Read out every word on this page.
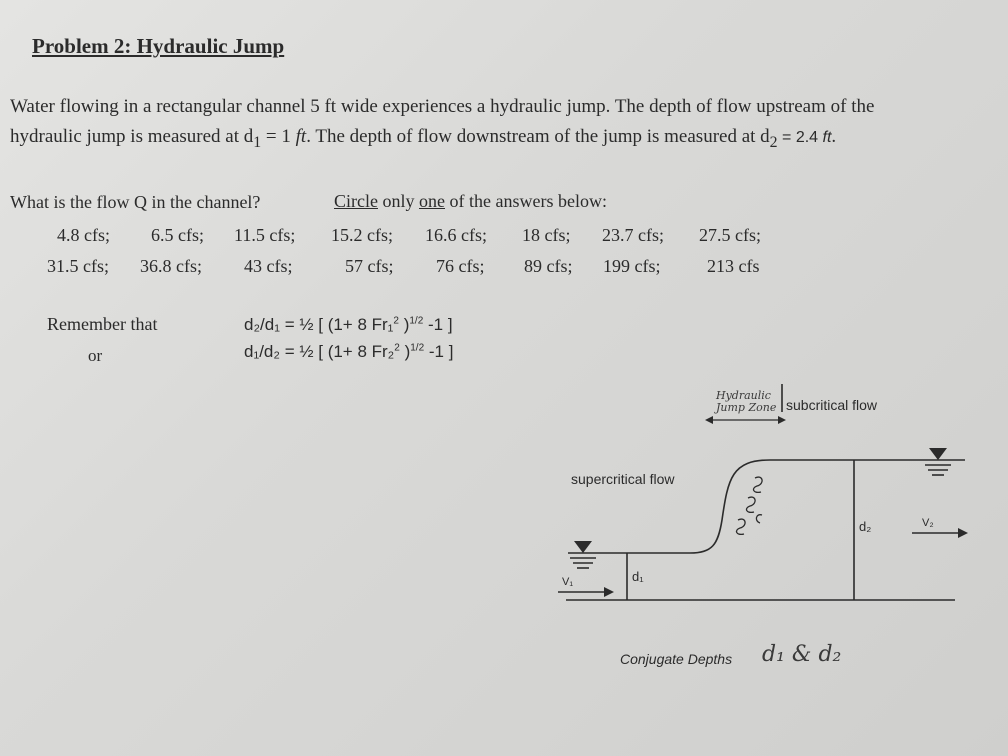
Problem 2: Hydraulic Jump
Water flowing in a rectangular channel 5 ft wide experiences a hydraulic jump. The depth of flow upstream of the
hydraulic jump is measured at $d_1 = 1$ ft. The depth of flow downstream of the jump is measured at $d_2 = 2.4$ ft.
What is the flow Q in the channel?	Circle only one of the answers below:
4.8 cfs; 6.5 cfs; 11.5 cfs; 15.2 cfs; 16.6 cfs; 18 cfs; 23.7 cfs; 27.5 cfs;
31.5 cfs; 36.8 cfs; 43 cfs;	57 cfs; 76 cfs; 89 cfs; 199 cfs;	213 cfs
Remember that
or
d₂/d₁ = ½ [ (1+ 8 Fr₁$^2$ )$^{1/2}$ -1 ]
d₁/d₂ = ½ [ (1+ 8 Fr₂$^2$ )$^{1/2}$ -1 ]
subcritical flow
supercritical flow
Hydraulic Jump Zone
d₁
d₂
V₁
V₂
Conjugate Depths d₁ & d₂
